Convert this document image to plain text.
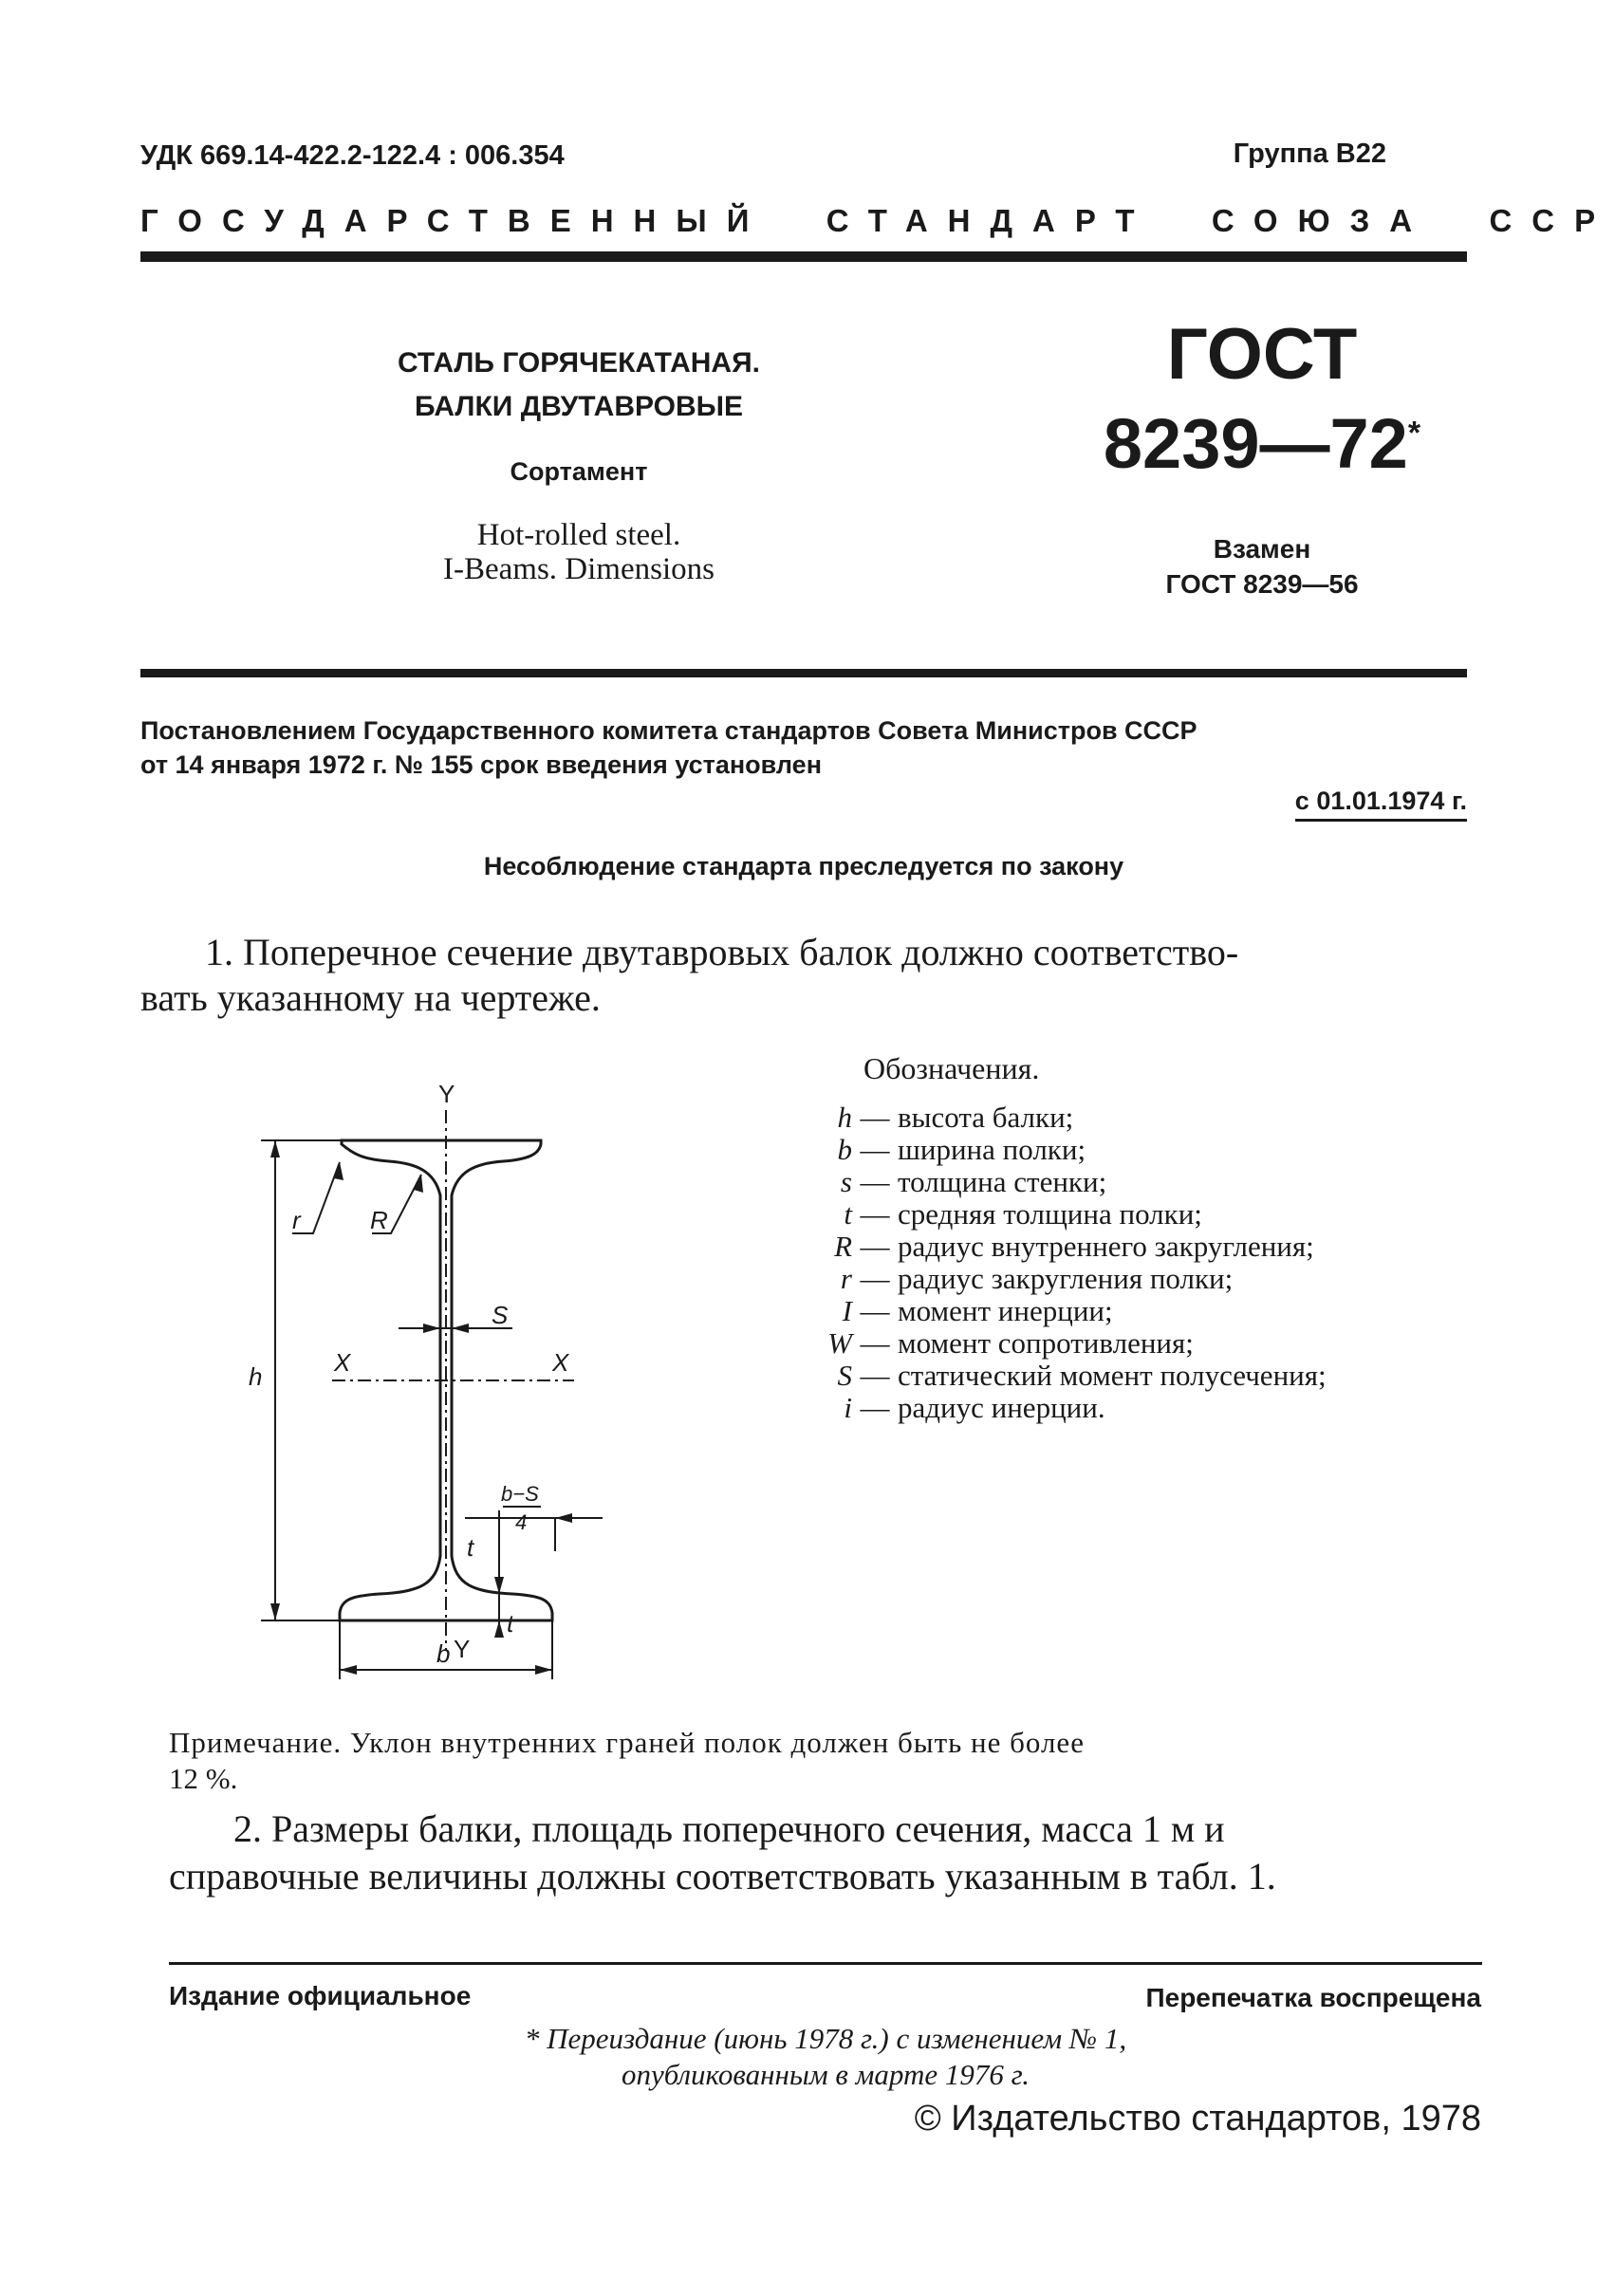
УДК 669.14-422.2-122.4 : 006.354	Группа В22
ГОСУДАРСТВЕННЫЙ  СТАНДАРТ  СОЮЗА  ССР
СТАЛЬ ГОРЯЧЕКАТАНАЯ.
БАЛКИ ДВУТАВРОВЫЕ
Сортамент
Hot-rolled steel.
I-Beams. Dimensions
ГОСТ
8239—72*
Взамен
ГОСТ 8239—56
Постановлением Государственного комитета стандартов Совета Министров СССР
от 14 января 1972 г. № 155 срок введения установлен
с 01.01.1974 г.
Несоблюдение стандарта преследуется по закону
1. Поперечное сечение двутавровых балок должно соответство-
вать указанному на чертеже.
Y
Y
X	X
h
b
S
r	R
t
t
b−S
4
Обозначения.
h — высота балки;
b — ширина полки;
s — толщина стенки;
t — средняя толщина полки;
R — радиус внутреннего закругления;
r — радиус закругления полки;
I — момент инерции;
W — момент сопротивления;
S — статический момент полусечения;
i — радиус инерции.
Примечание. Уклон внутренних граней полок должен быть не более
12 %.
2. Размеры балки, площадь поперечного сечения, масса 1 м и
справочные величины должны соответствовать указанным в табл. 1.
Издание официальное	Перепечатка воспрещена
* Переиздание (июнь 1978 г.) с изменением № 1,
опубликованным в марте 1976 г.
© Издательство стандартов, 1978
